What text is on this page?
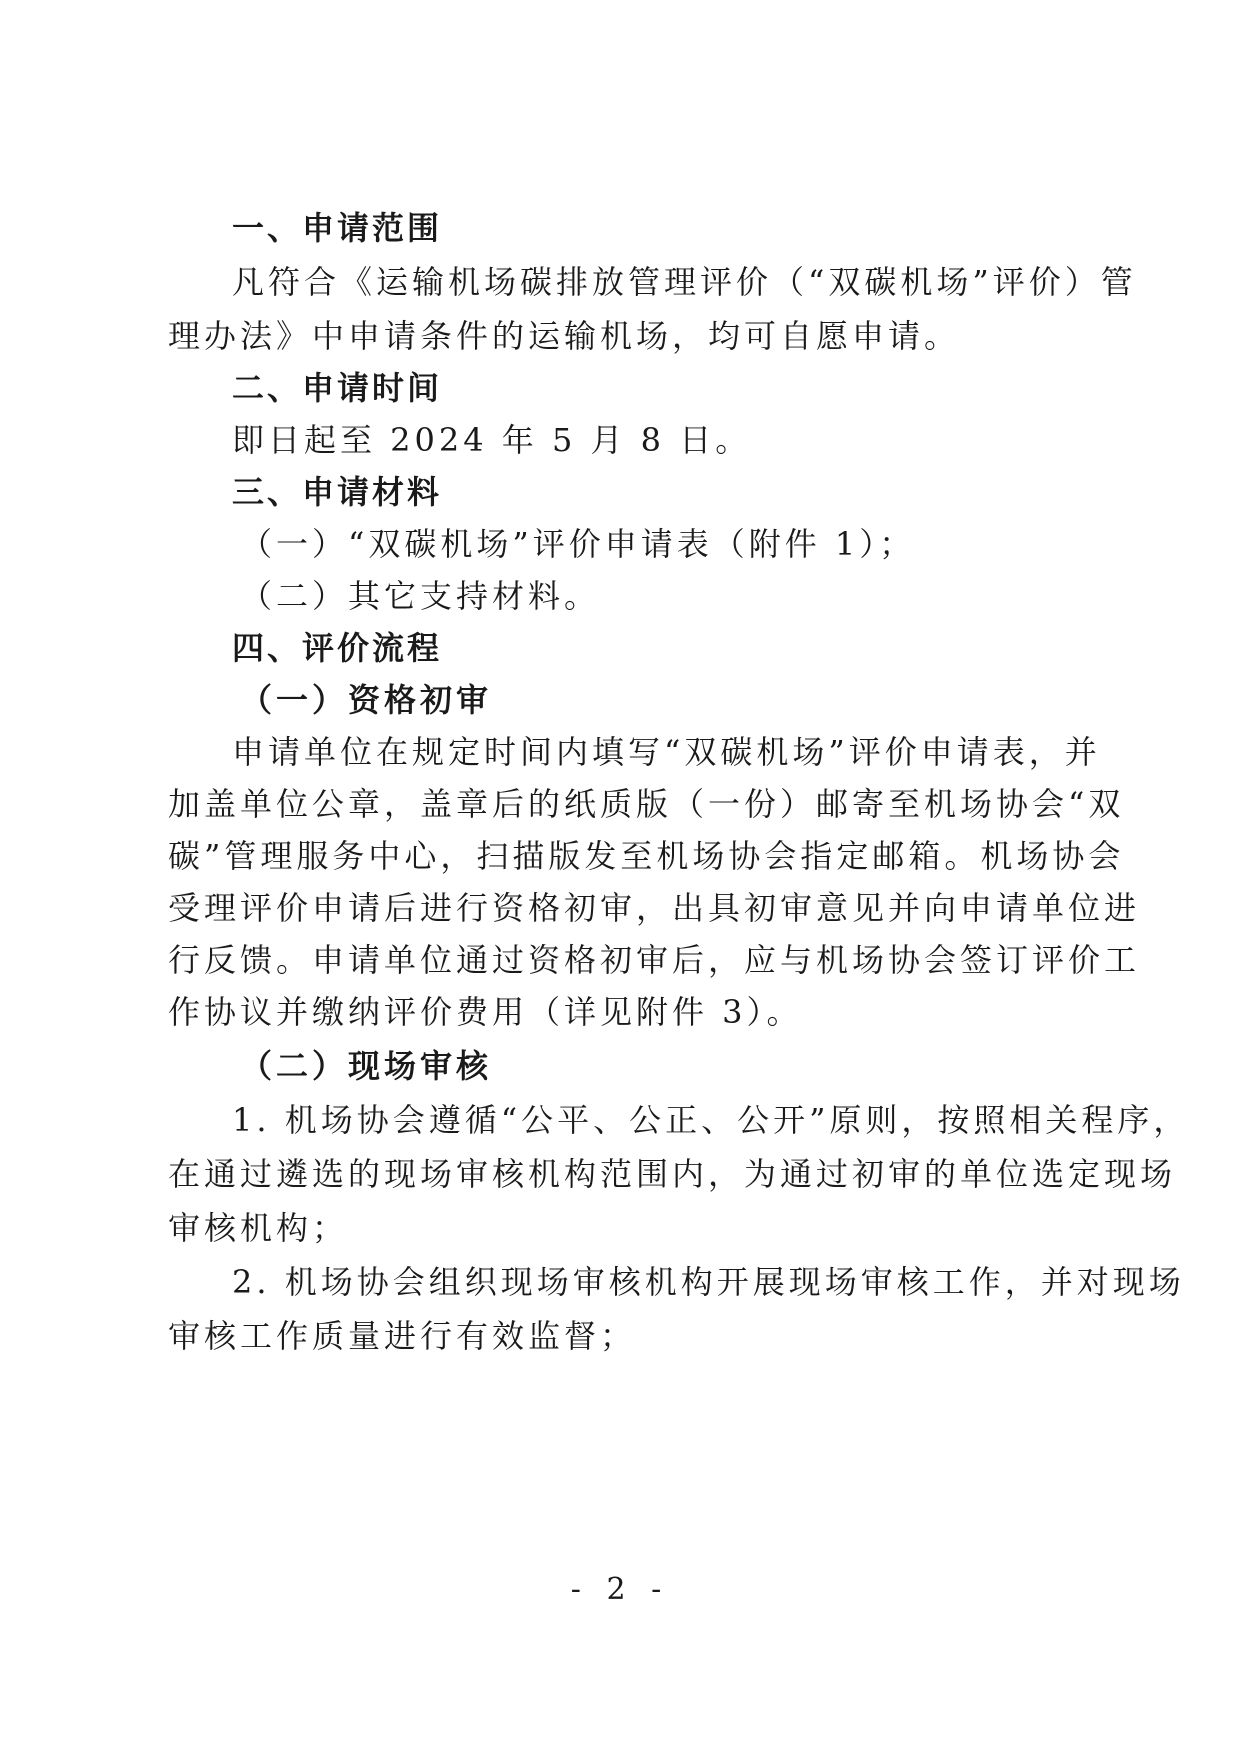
一、申请范围
凡符合《运输机场碳排放管理评价（“双碳机场”评价）管
理办法》中申请条件的运输机场，均可自愿申请。
二、申请时间
即日起至 2024 年 5 月 8 日。
三、申请材料
（一）“双碳机场”评价申请表（附件 1）；
（二）其它支持材料。
四、评价流程
（一）资格初审
申请单位在规定时间内填写“双碳机场”评价申请表，并
加盖单位公章，盖章后的纸质版（一份）邮寄至机场协会“双
碳”管理服务中心，扫描版发至机场协会指定邮箱。机场协会
受理评价申请后进行资格初审，出具初审意见并向申请单位进
行反馈。申请单位通过资格初审后，应与机场协会签订评价工
作协议并缴纳评价费用（详见附件 3）。
（二）现场审核
1. 机场协会遵循“公平、公正、公开”原则，按照相关程序，
在通过遴选的现场审核机构范围内，为通过初审的单位选定现场
审核机构；
2. 机场协会组织现场审核机构开展现场审核工作，并对现场
审核工作质量进行有效监督；
- 2 -
